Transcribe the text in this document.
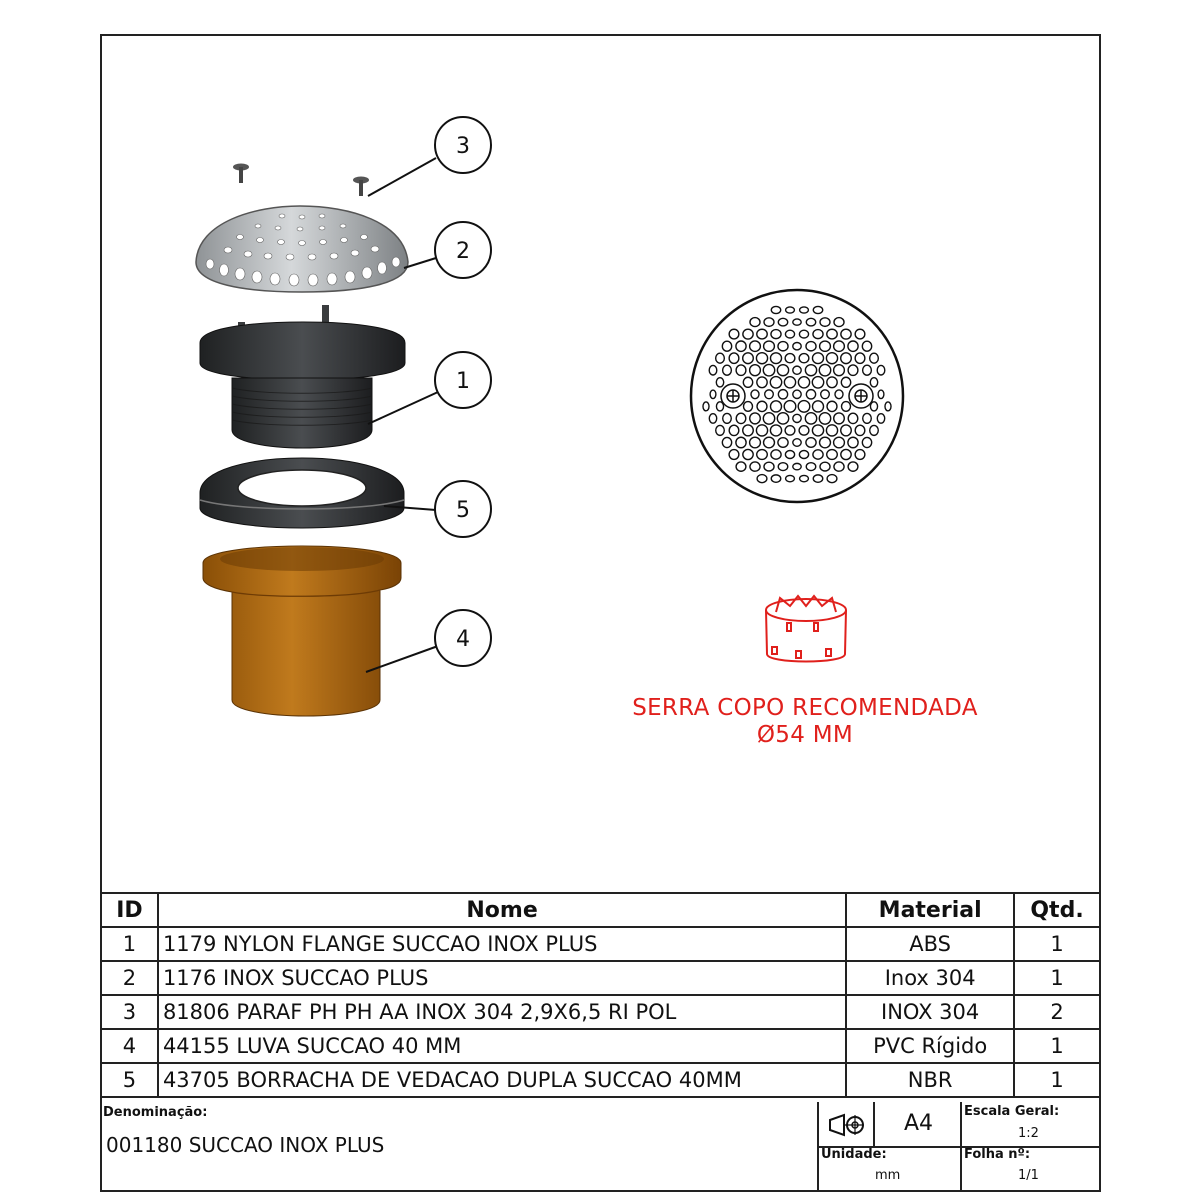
3
2
1
5
4
SERRA COPO RECOMENDADA
Ø54 MM
ID	Nome	Material	Qtd.
1	1179 NYLON FLANGE SUCCAO INOX PLUS	ABS	1
2	1176 INOX SUCCAO PLUS	Inox 304	1
3	81806 PARAF PH PH AA INOX 304 2,9X6,5 RI POL	INOX 304	2
4	44155 LUVA SUCCAO 40 MM	PVC Rígido	1
5	43705 BORRACHA DE VEDACAO DUPLA SUCCAO 40MM	NBR	1
Denominação:
001180 SUCCAO INOX PLUS
A4 Escala Geral:
1:2
Unidade:
mm
Folha nº:
1/1
